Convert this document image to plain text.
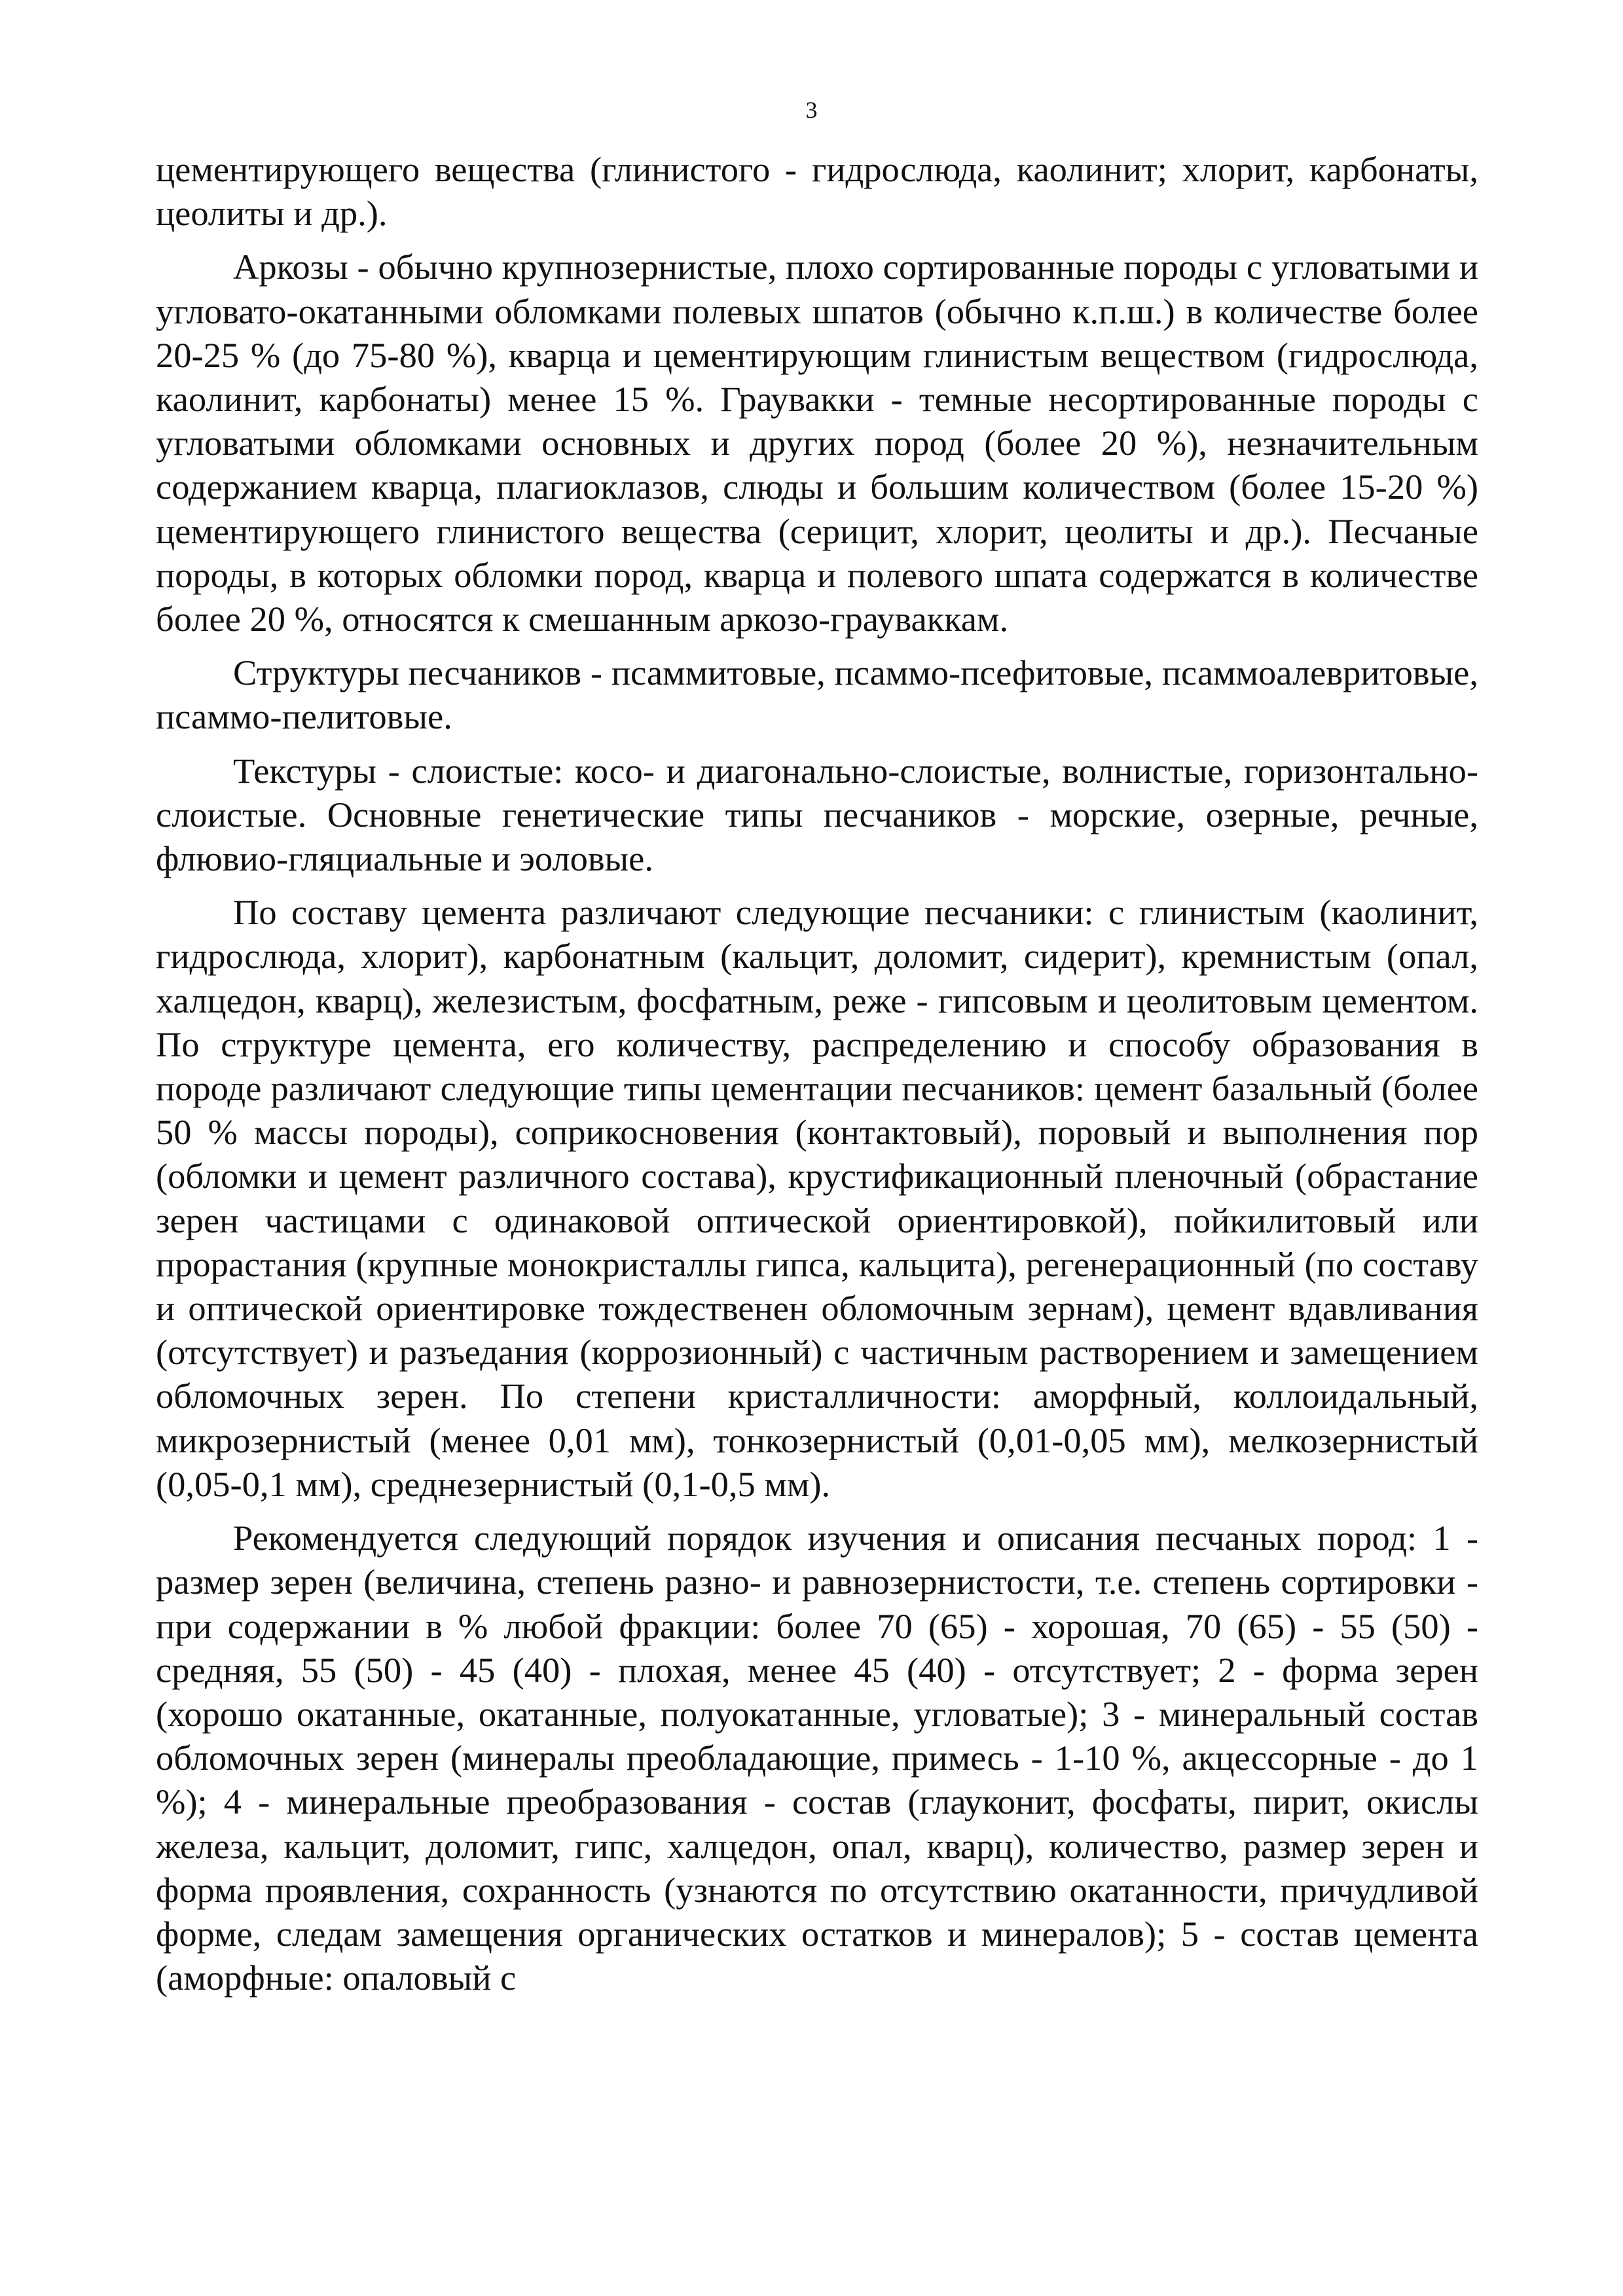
3

цементирующего вещества (глинистого - гидрослюда, каолинит; хлорит, карбонаты, цеолиты и др.).

Аркозы - обычно крупнозернистые, плохо сортированные породы с угловатыми и угловато-окатанными обломками полевых шпатов (обычно к.п.ш.) в количестве более 20-25 % (до 75-80 %), кварца и цементирующим глинистым веществом (гидрослюда, каолинит, карбонаты) менее 15 %. Граувакки - темные несортированные породы с угловатыми обломками основных и других пород (более 20 %), незначительным содержанием кварца, плагиоклазов, слюды и большим количеством (более 15-20 %) цементирующего глинистого вещества (серицит, хлорит, цеолиты и др.). Песчаные породы, в которых обломки пород, кварца и полевого шпата содержатся в количестве более 20 %, относятся к смешанным аркозо-грауваккам.

Структуры песчаников - псаммитовые, псаммо-псефитовые, псаммоалевритовые, псаммо-пелитовые.

Текстуры - слоистые: косо- и диагонально-слоистые, волнистые, горизонтально-слоистые. Основные генетические типы песчаников - морские, озерные, речные, флювио-гляциальные и эоловые.

По составу цемента различают следующие песчаники: с глинистым (каолинит, гидрослюда, хлорит), карбонатным (кальцит, доломит, сидерит), кремнистым (опал, халцедон, кварц), железистым, фосфатным, реже - гипсовым и цеолитовым цементом. По структуре цемента, его количеству, распределению и способу образования в породе различают следующие типы цементации песчаников: цемент базальный (более 50 % массы породы), соприкосновения (контактовый), поровый и выполнения пор (обломки и цемент различного состава), крустификационный пленочный (обрастание зерен частицами с одинаковой оптической ориентировкой), пойкилитовый или прорастания (крупные монокристаллы гипса, кальцита), регенерационный (по составу и оптической ориентировке тождественен обломочным зернам), цемент вдавливания (отсутствует) и разъедания (коррозионный) с частичным растворением и замещением обломочных зерен. По степени кристалличности: аморфный, коллоидальный, микрозернистый (менее 0,01 мм), тонкозернистый (0,01-0,05 мм), мелкозернистый (0,05-0,1 мм), среднезернистый (0,1-0,5 мм).

Рекомендуется следующий порядок изучения и описания песчаных пород: 1 - размер зерен (величина, степень разно- и равнозернистости, т.е. степень сортировки - при содержании в % любой фракции: более 70 (65) - хорошая, 70 (65) - 55 (50) - средняя, 55 (50) - 45 (40) - плохая, менее 45 (40) - отсутствует; 2 - форма зерен (хорошо окатанные, окатанные, полуокатанные, угловатые); 3 - минеральный состав обломочных зерен (минералы преобладающие, примесь - 1-10 %, акцессорные - до 1 %); 4 - минеральные преобразования - состав (глауконит, фосфаты, пирит, окислы железа, кальцит, доломит, гипс, халцедон, опал, кварц), количество, размер зерен и форма проявления, сохранность (узнаются по отсутствию окатанности, причудливой форме, следам замещения органических остатков и минералов); 5 - состав цемента (аморфные: опаловый с
